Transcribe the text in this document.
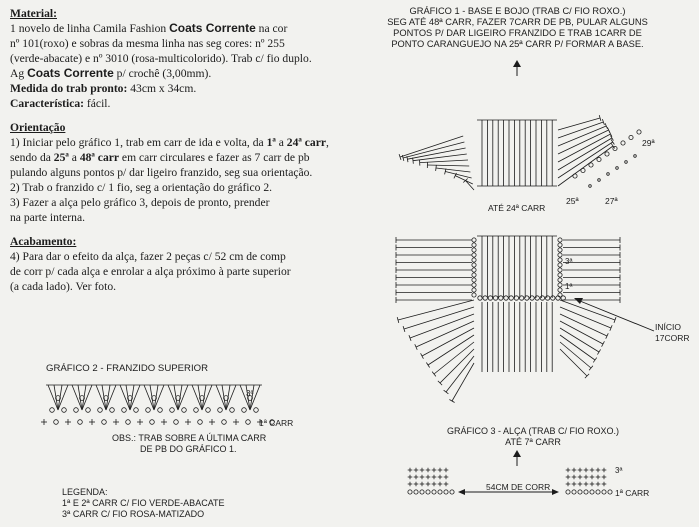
Material:

1 novelo de linha Camila Fashion Coats Corrente na cor

nº 101(roxo) e sobras da mesma linha nas seg cores: nº 255

(verde-abacate) e nº 3010 (rosa-multicolorido). Trab c/ fio duplo.

Ag Coats Corrente p/ crochê (3,00mm).

Medida do trab pronto: 43cm x 34cm.

Característica: fácil.

Orientação

1) Iniciar pelo gráfico 1, trab em carr de ida e volta, da 1ª a 24ª carr,

sendo da 25ª a 48ª carr em carr circulares e fazer as 7 carr de pb

pulando alguns pontos p/ dar ligeiro franzido, seg sua orientação.

2) Trab o franzido c/ 1 fio, seg a orientação do gráfico 2.

3) Fazer a alça pelo gráfico 3, depois de pronto, prender

na parte interna.

Acabamento:

4) Para dar o efeito da alça, fazer 2 peças c/ 52 cm de comp

de corr p/ cada alça e enrolar a alça próximo à parte superior

(a cada lado). Ver foto.

GRÁFICO 1 - BASE E BOJO (TRAB C/ FIO ROXO.)
SEG ATÉ 48ª CARR, FAZER 7CARR DE PB, PULAR ALGUNS
PONTOS P/ DAR LIGEIRO FRANZIDO E TRAB 1CARR DE
PONTO CARANGUEJO NA 25ª CARR P/ FORMAR A BASE.
ATÉ 24ª CARR
25ª	27ª
29ª
3ª
1ª
INÍCIO
17CORR
3ª
1ª CARR
3ª
1ª CARR
54CM DE CORR
GRÁFICO 2 - FRANZIDO SUPERIOR
OBS.: TRAB SOBRE A ÚLTIMA CARR
DE PB DO GRÁFICO 1.
LEGENDA:
1ª E 2ª CARR C/ FIO VERDE-ABACATE
3ª CARR C/ FIO ROSA-MATIZADO
GRÁFICO 3 - ALÇA (TRAB C/ FIO ROXO.)
ATÉ 7ª CARR
